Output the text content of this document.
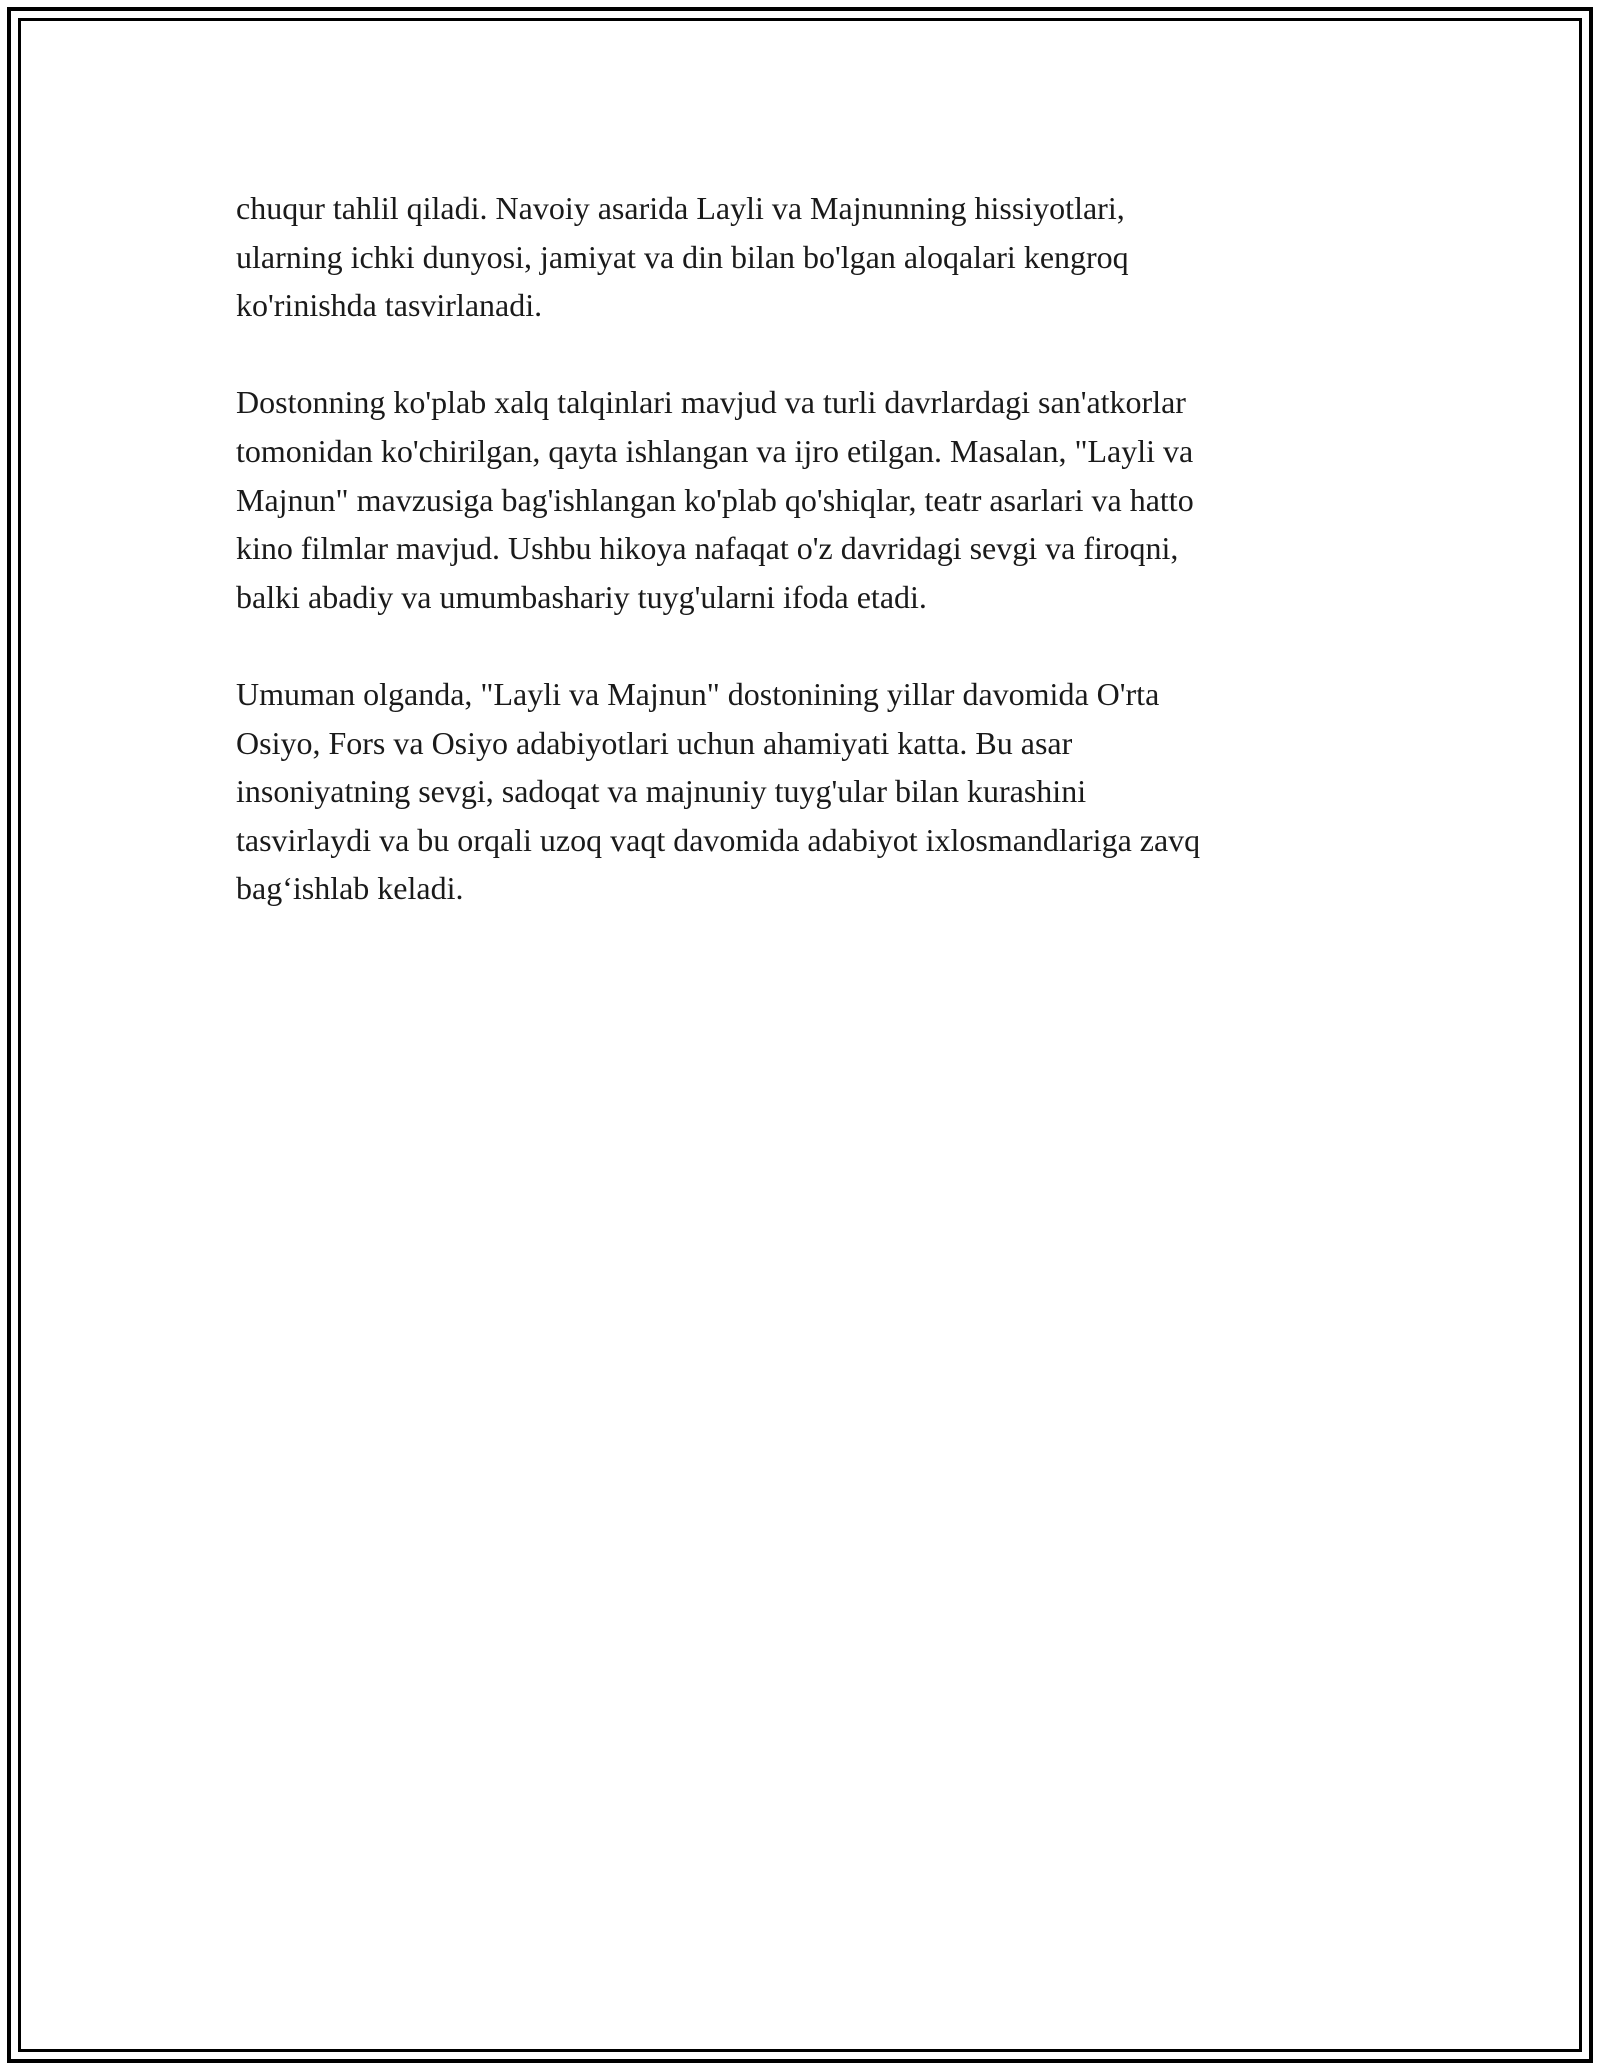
chuqur tahlil qiladi. Navoiy asarida Layli va Majnunning hissiyotlari,
ularning ichki dunyosi, jamiyat va din bilan bo'lgan aloqalari kengroq
ko'rinishda tasvirlanadi.

Dostonning ko'plab xalq talqinlari mavjud va turli davrlardagi san'atkorlar
tomonidan ko'chirilgan, qayta ishlangan va ijro etilgan. Masalan, "Layli va
Majnun" mavzusiga bag'ishlangan ko'plab qo'shiqlar, teatr asarlari va hatto
kino filmlar mavjud. Ushbu hikoya nafaqat o'z davridagi sevgi va firoqni,
balki abadiy va umumbashariy tuyg'ularni ifoda etadi.

Umuman olganda, "Layli va Majnun" dostonining yillar davomida O'rta
Osiyo, Fors va Osiyo adabiyotlari uchun ahamiyati katta. Bu asar
insoniyatning sevgi, sadoqat va majnuniy tuyg'ular bilan kurashini
tasvirlaydi va bu orqali uzoq vaqt davomida adabiyot ixlosmandlariga zavq
bag‘ishlab keladi.
